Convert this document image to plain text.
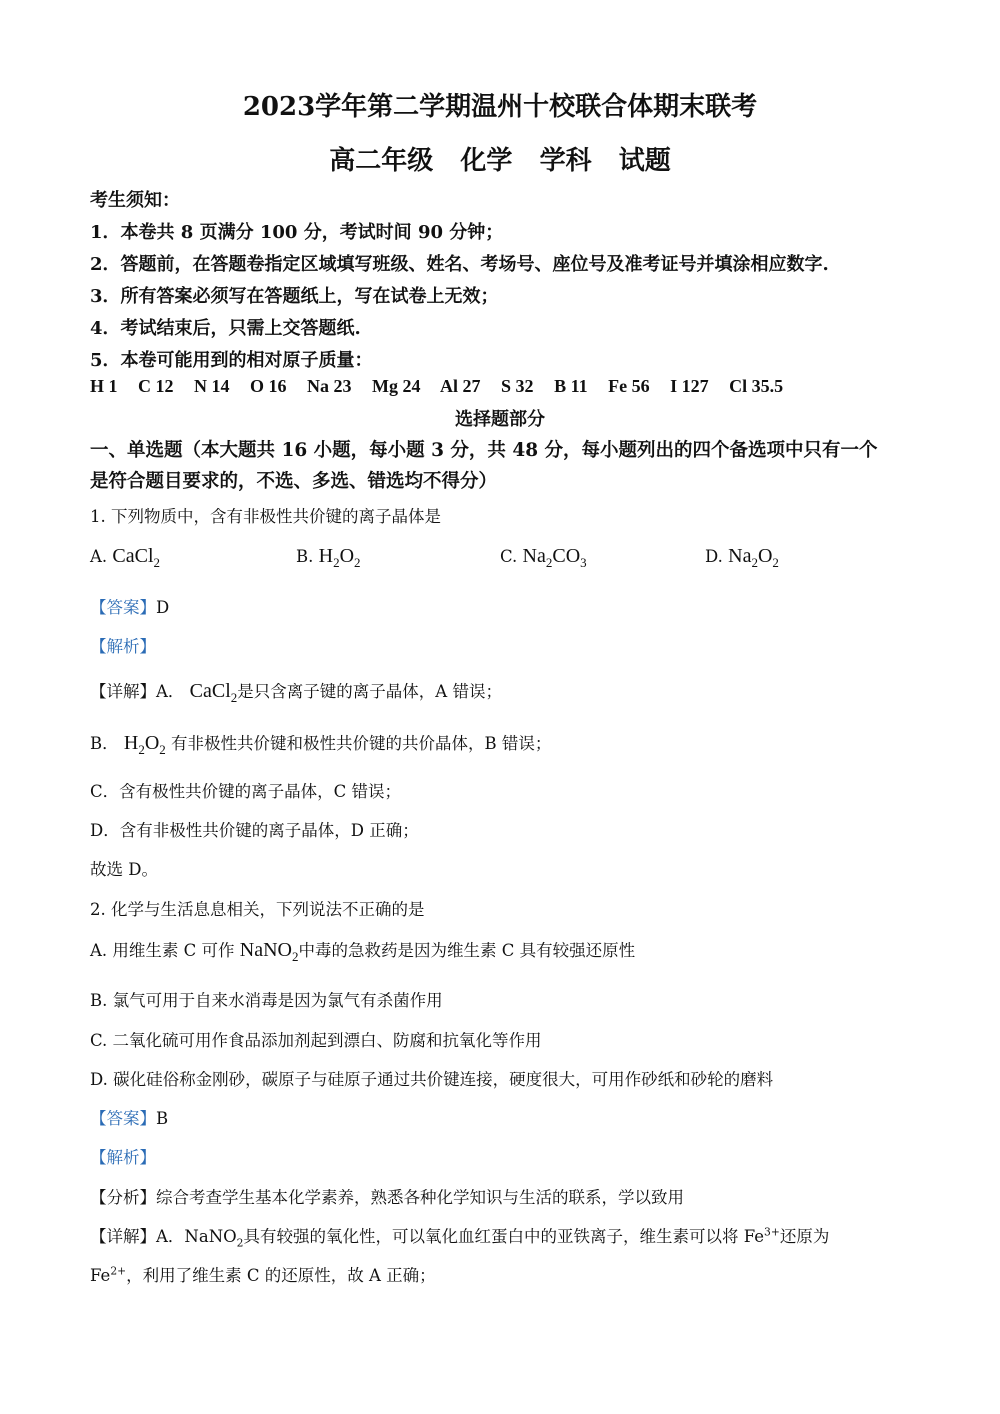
2023学年第二学期温州十校联合体期末联考
高二年级   化学   学科   试题
考生须知：
1．本卷共 8 页满分 100 分，考试时间 90 分钟；
2．答题前，在答题卷指定区域填写班级、姓名、考场号、座位号及准考证号并填涂相应数字.
3．所有答案必须写在答题纸上，写在试卷上无效；
4．考试结束后，只需上交答题纸.
5．本卷可能用到的相对原子质量：
H 1 C 12 N 14 O 16 Na 23 Mg 24 Al 27 S 32 B 11 Fe 56 I 127 Cl 35.5
选择题部分
一、单选题（本大题共 16 小题，每小题 3 分，共 48 分，每小题列出的四个备选项中只有一个
是符合题目要求的，不选、多选、错选均不得分）
1. 下列物质中，含有非极性共价键的离子晶体是
A. CaCl$_2$	B. $H_2O_2$	C. $Na_2CO_3$	D. $Na_2O_2$
【答案】D
【解析】
【详解】A． CaCl$_2$是只含离子键的离子晶体，A 错误；
B． $H_2O_2$ 有非极性共价键和极性共价键的共价晶体，B 错误；
C．含有极性共价键的离子晶体，C 错误；
D．含有非极性共价键的离子晶体，D 正确；
故选 D。
2. 化学与生活息息相关，下列说法不正确的是
A. 用维生素 C 可作 NaNO$_2$中毒的急救药是因为维生素 C 具有较强还原性
B. 氯气可用于自来水消毒是因为氯气有杀菌作用
C. 二氧化硫可用作食品添加剂起到漂白、防腐和抗氧化等作用
D. 碳化硅俗称金刚砂，碳原子与硅原子通过共价键连接，硬度很大，可用作砂纸和砂轮的磨料
【答案】B
【解析】
【分析】综合考查学生基本化学素养，熟悉各种化学知识与生活的联系，学以致用
【详解】A．NaNO$_2$具有较强的氧化性，可以氧化血红蛋白中的亚铁离子，维生素可以将 $Fe^{3+}$还原为
$Fe^{2+}$，利用了维生素 C 的还原性，故 A 正确；
